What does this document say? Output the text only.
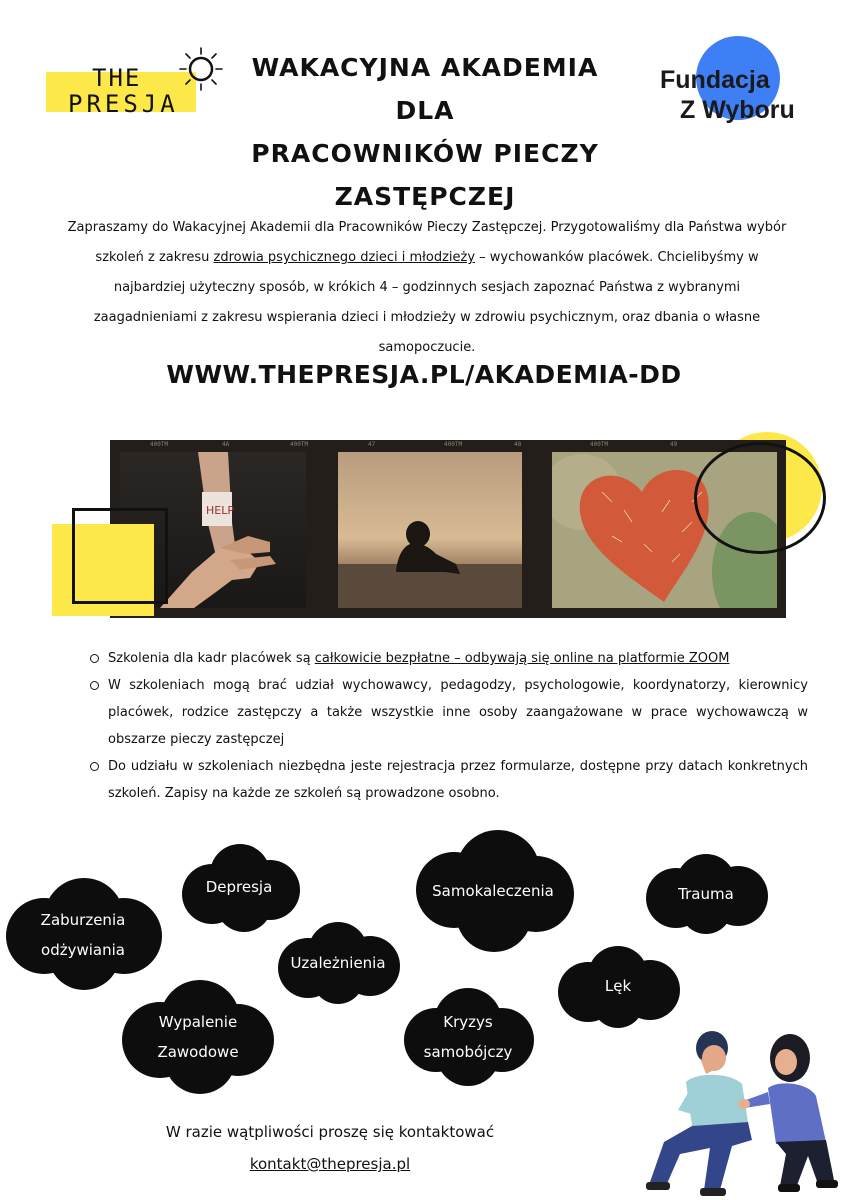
THE
PRESJA
WAKACYJNA AKADEMIA DLA
PRACOWNIKÓW PIECZY
ZASTĘPCZEJ
Fundacja
Z Wyboru

Zapraszamy do Wakacyjnej Akademii dla Pracowników Pieczy Zastępczej. Przygotowaliśmy dla Państwa wybór szkoleń z zakresu zdrowia psychicznego dzieci i młodzieży – wychowanków placówek. Chcielibyśmy w najbardziej użyteczny sposób, w krókich 4 – godzinnych sesjach zapoznać Państwa z wybranymi zaagadnieniami z zakresu wspierania dzieci i młodzieży w zdrowiu psychicznym, oraz dbania o własne samopoczucie.

WWW.THEPRESJA.PL/AKADEMIA-DD
400TM	4A	400TM	47	400TM	48	400TM	49
HELP
Szkolenia dla kadr placówek są całkowicie bezpłatne – odbywają się online na platformie ZOOM
W szkoleniach mogą brać udział wychowawcy, pedagodzy, psychologowie, koordynatorzy, kierownicy placówek, rodzice zastępczy a także wszystkie inne osoby zaangażowane w prace wychowawczą w obszarze pieczy zastępczej
Do udziału w szkoleniach niezbędna jeste rejestracja przez formularze, dostępne przy datach konkretnych szkoleń. Zapisy na każde ze szkoleń są prowadzone osobno.
Depresja	Samokaleczenia	Trauma
Zaburzenia
odżywiania
Uzależnienia
Lęk
Wypalenie
Zawodowe
Kryzys
samobójczy
W razie wątpliwości proszę się kontaktować
kontakt@thepresja.pl
